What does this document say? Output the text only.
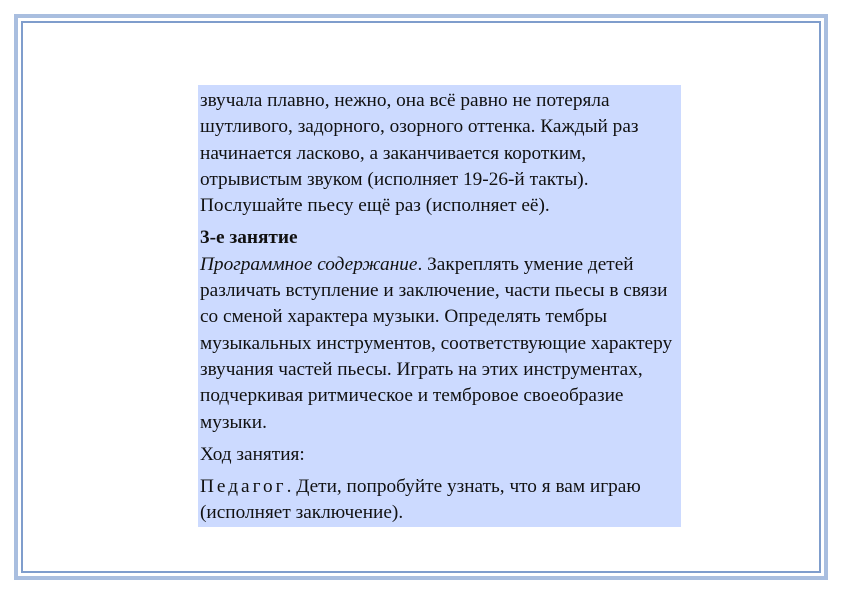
звучала плавно, нежно, она всё равно не потеряла шутливого, задорного, озорного оттенка. Каждый раз начинается ласково, а заканчивается коротким, отрывистым звуком (исполняет 19-26-й такты). Послушайте пьесу ещё раз (исполняет её).

3-е занятие

Программное содержание. Закреплять умение детей различать вступление и заключение, части пьесы в связи со сменой характера музыки. Определять тембры музыкальных инструментов, соответствующие характеру звучания частей пьесы. Играть на этих инструментах, подчеркивая ритмическое и тембровое своеобразие музыки.

Ход занятия:

Педагог. Дети, попробуйте узнать, что я вам играю (исполняет заключение).
